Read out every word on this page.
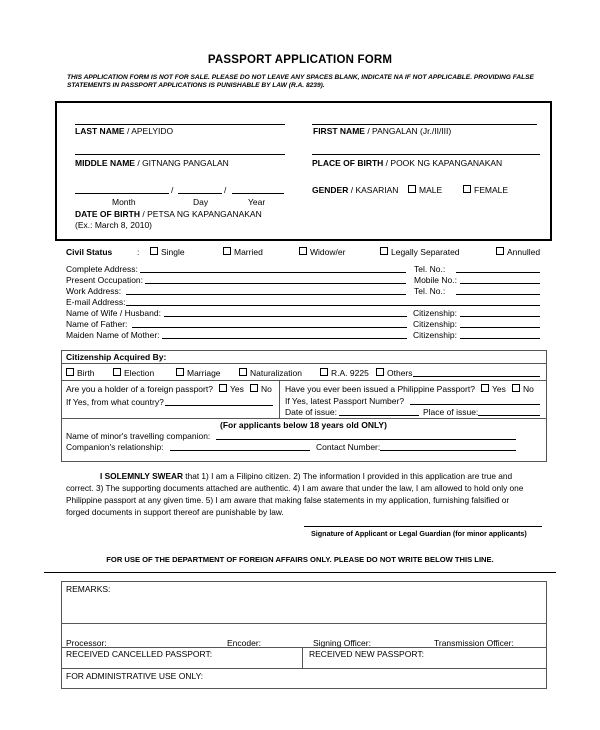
PASSPORT APPLICATION FORM
THIS APPLICATION FORM IS NOT FOR SALE. PLEASE DO NOT LEAVE ANY SPACES BLANK, INDICATE NA IF NOT APPLICABLE. PROVIDING FALSE
STATEMENTS IN PASSPORT APPLICATIONS IS PUNISHABLE BY LAW (R.A. 8239).
LAST NAME / APELYIDO	FIRST NAME / PANGALAN (Jr./II/III)
MIDDLE NAME / GITNANG PANGALAN	PLACE OF BIRTH / POOK NG KAPANGANAKAN
/	/
Month	Day	Year
DATE OF BIRTH / PETSA NG KAPANGANAKAN
(Ex.: March 8, 2010)
GENDER / KASARIAN	MALE	FEMALE
Civil Status	:	Single	Married	Widow/er	Legally Separated	Annulled
Complete Address:	Tel. No.:
Present Occupation:	Mobile No.:
Work Address:	Tel. No.:
E-mail Address:
Name of Wife / Husband:	Citizenship:
Name of Father:	Citizenship:
Maiden Name of Mother:	Citizenship:
Citizenship Acquired By:
Birth	Election	Marriage	Naturalization	R.A. 9225	Others
Are you a holder of a foreign passport?	Yes	No
If Yes, from what country?
Have you ever been issued a Philippine Passport?	Yes	No
If Yes, latest Passport Number?
Date of issue:	Place of issue:
(For applicants below 18 years old ONLY)
Name of minor's travelling companion:
Companion's relationship:	Contact Number:
I SOLEMNLY SWEAR that 1) I am a Filipino citizen. 2) The information I provided in this application are true and
correct. 3) The supporting documents attached are authentic. 4) I am aware that under the law, I am allowed to hold only one
Philippine passport at any given time. 5) I am aware that making false statements in my application, furnishing falsified or
forged documents in support thereof are punishable by law.
Signature of Applicant or Legal Guardian (for minor applicants)
FOR USE OF THE DEPARTMENT OF FOREIGN AFFAIRS ONLY. PLEASE DO NOT WRITE BELOW THIS LINE.
REMARKS:
Processor:	Encoder:	Signing Officer:	Transmission Officer:
RECEIVED CANCELLED PASSPORT:	RECEIVED NEW PASSPORT:
FOR ADMINISTRATIVE USE ONLY:
